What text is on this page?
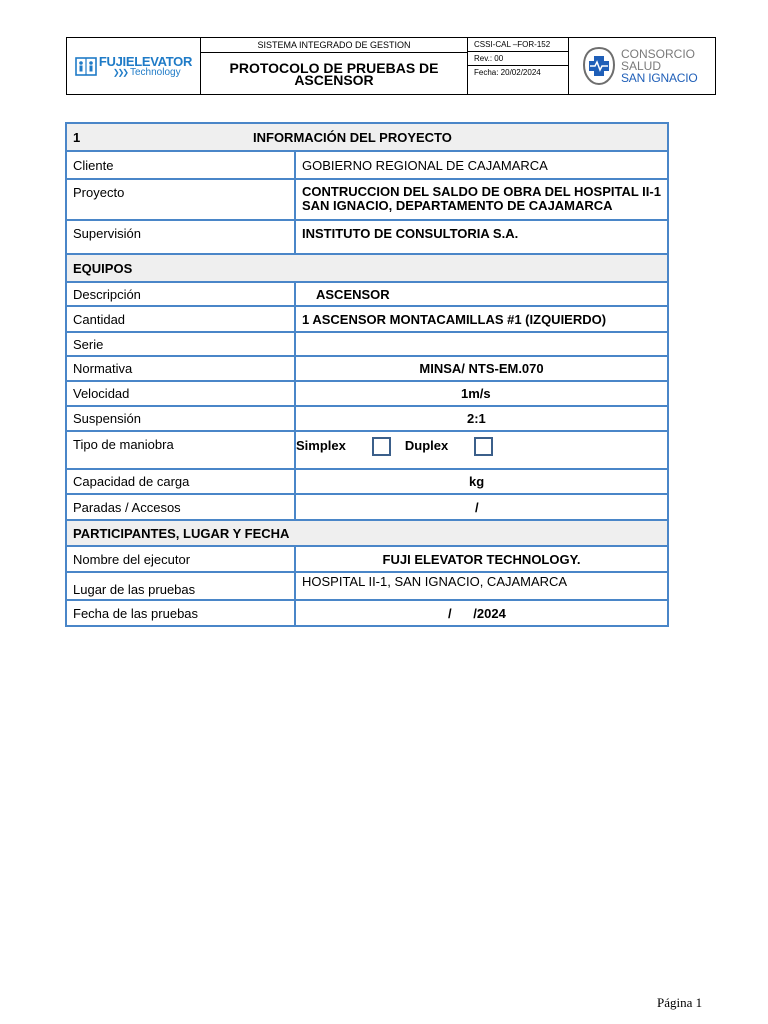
FUJIELEVATOR
❯❯❯ Technology
SISTEMA INTEGRADO DE GESTION
PROTOCOLO DE PRUEBAS DE ASCENSOR
CSSI-CAL –FOR-152
Rev.: 00
Fecha: 20/02/2024
CONSORCIO
SALUD
SAN IGNACIO
1	INFORMACIÓN DEL PROYECTO
Cliente	GOBIERNO REGIONAL DE CAJAMARCA
Proyecto	CONTRUCCION DEL SALDO DE OBRA DEL HOSPITAL II-1
SAN IGNACIO, DEPARTAMENTO DE CAJAMARCA
Supervisión	INSTITUTO DE CONSULTORIA S.A.
EQUIPOS	
Descripción	ASCENSOR
Cantidad	1 ASCENSOR MONTACAMILLAS #1 (IZQUIERDO)
Serie	
Normativa	MINSA/ NTS-EM.070
Velocidad	1m/s
Suspensión	2:1
Tipo de maniobra	Simplex Duplex
Capacidad de carga	kg
Paradas / Accesos	/
PARTICIPANTES, LUGAR Y FECHA	
Nombre del ejecutor	FUJI ELEVATOR TECHNOLOGY.
Lugar de las pruebas	HOSPITAL II-1, SAN IGNACIO, CAJAMARCA
Fecha de las pruebas	/      /2024
Página 1
